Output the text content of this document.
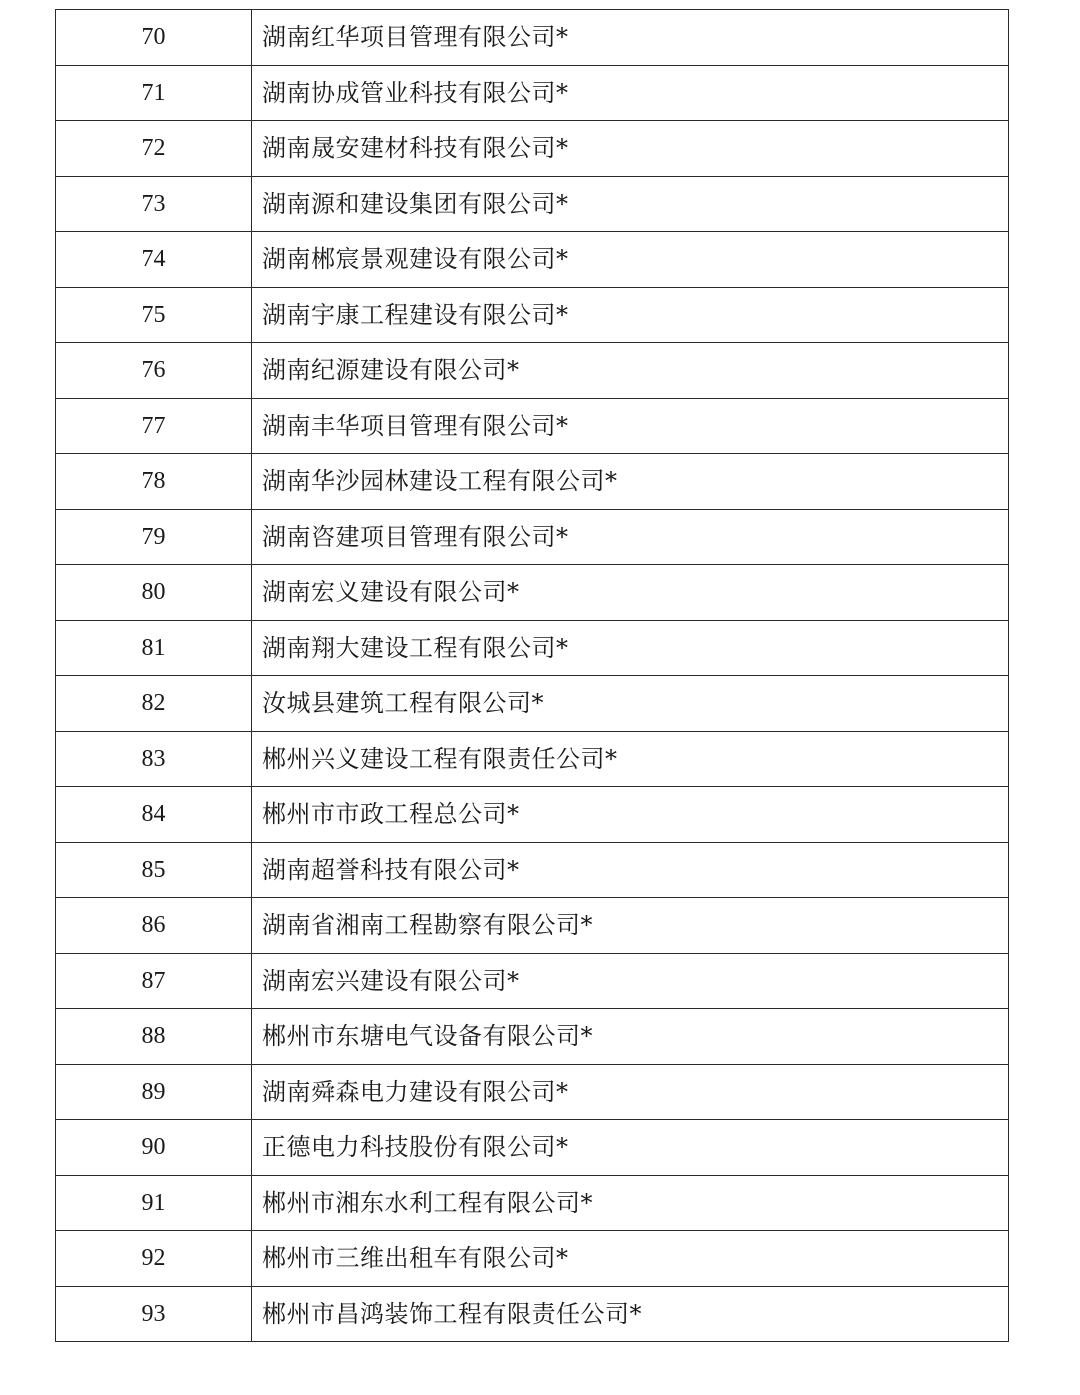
70	湖南红华项目管理有限公司*
71	湖南协成管业科技有限公司*
72	湖南晟安建材科技有限公司*
73	湖南源和建设集团有限公司*
74	湖南郴宸景观建设有限公司*
75	湖南宇康工程建设有限公司*
76	湖南纪源建设有限公司*
77	湖南丰华项目管理有限公司*
78	湖南华沙园林建设工程有限公司*
79	湖南咨建项目管理有限公司*
80	湖南宏义建设有限公司*
81	湖南翔大建设工程有限公司*
82	汝城县建筑工程有限公司*
83	郴州兴义建设工程有限责任公司*
84	郴州市市政工程总公司*
85	湖南超誉科技有限公司*
86	湖南省湘南工程勘察有限公司*
87	湖南宏兴建设有限公司*
88	郴州市东塘电气设备有限公司*
89	湖南舜森电力建设有限公司*
90	正德电力科技股份有限公司*
91	郴州市湘东水利工程有限公司*
92	郴州市三维出租车有限公司*
93	郴州市昌鸿装饰工程有限责任公司*
